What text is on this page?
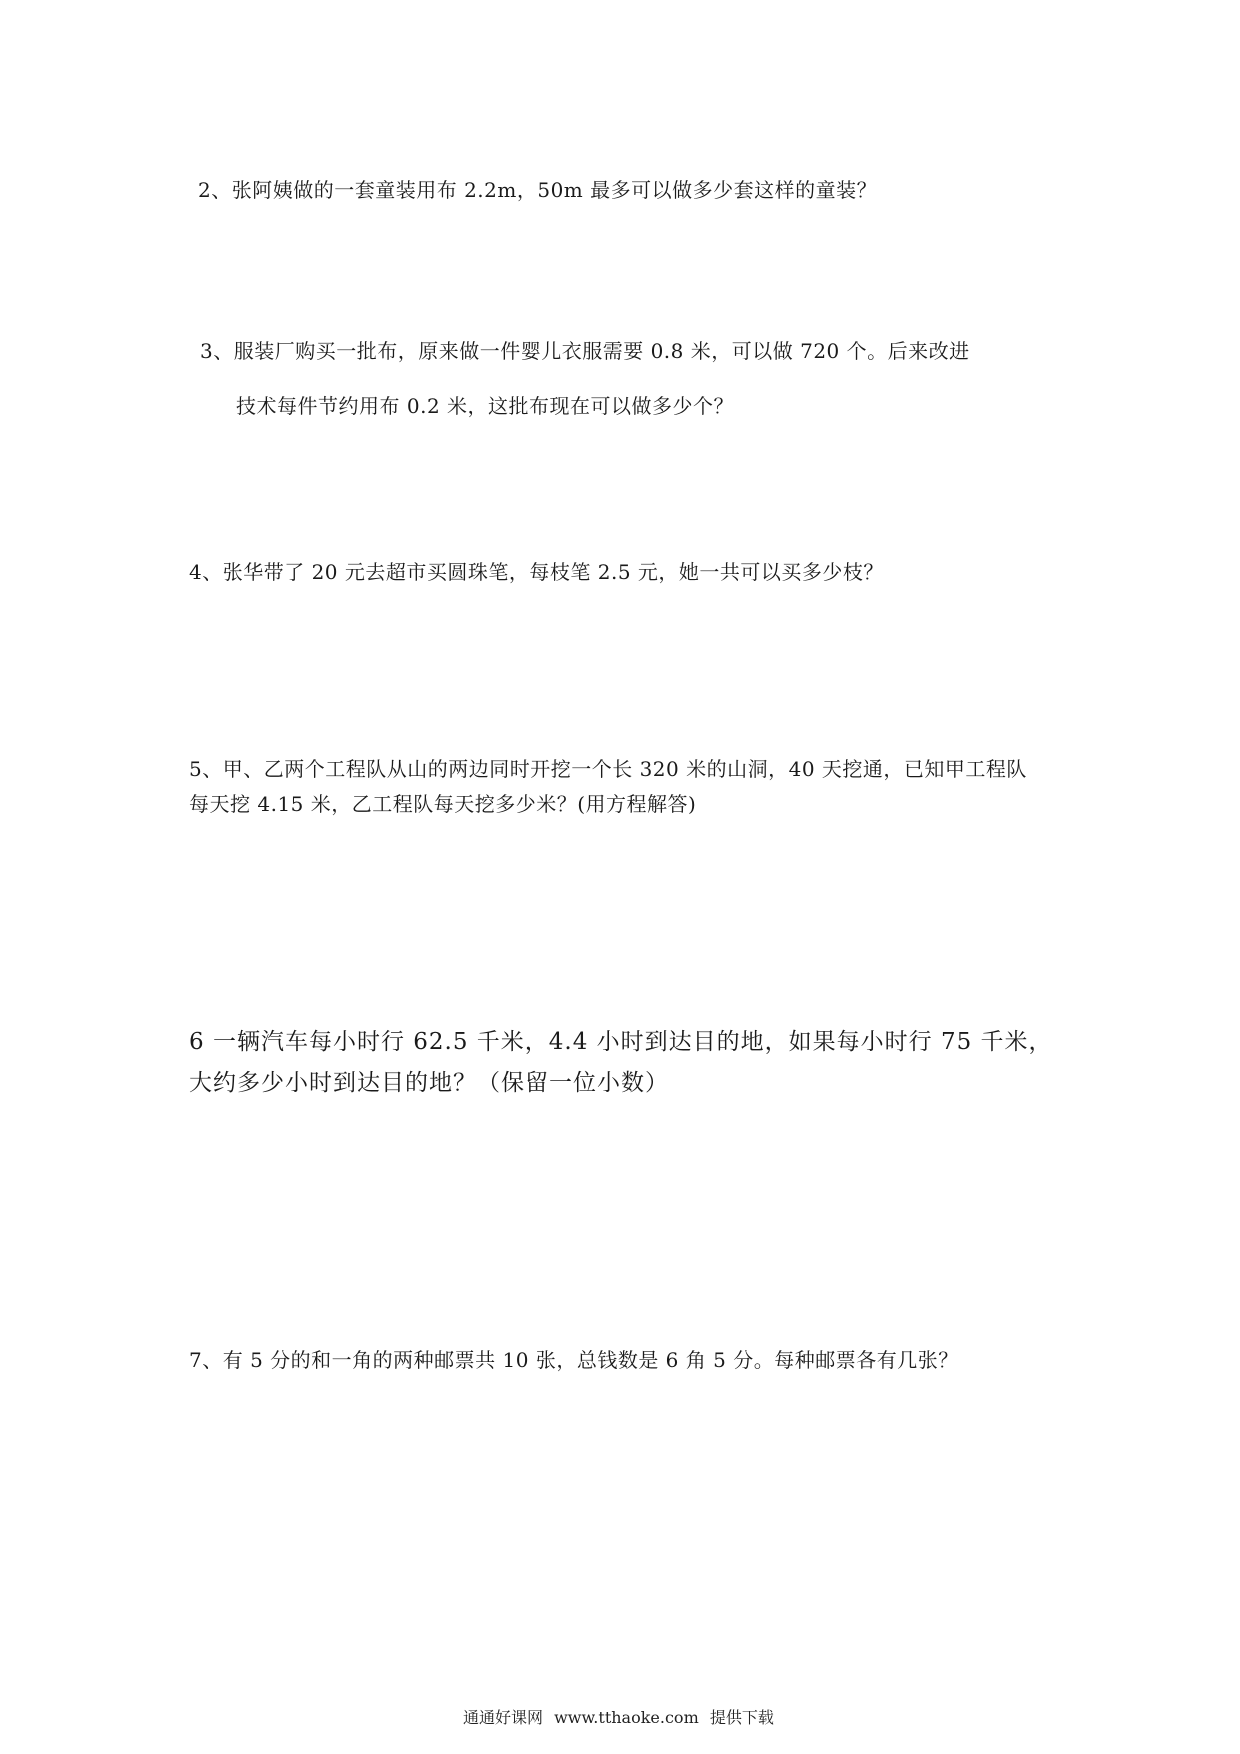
2、张阿姨做的一套童装用布 2.2m，50m 最多可以做多少套这样的童装？
3、服装厂购买一批布，原来做一件婴儿衣服需要 0.8 米，可以做 720 个。后来改进
技术每件节约用布 0.2 米，这批布现在可以做多少个？
4、张华带了 20 元去超市买圆珠笔，每枝笔 2.5 元，她一共可以买多少枝？
5、甲、乙两个工程队从山的两边同时开挖一个长 320 米的山洞，40 天挖通，已知甲工程队
每天挖 4.15 米，乙工程队每天挖多少米？(用方程解答)
6 一辆汽车每小时行 62.5 千米，4.4 小时到达目的地，如果每小时行 75 千米，
大约多少小时到达目的地？（保留一位小数）
7、有 5 分的和一角的两种邮票共 10 张，总钱数是 6 角 5 分。每种邮票各有几张？
通通好课网 www.tthaoke.com 提供下载
